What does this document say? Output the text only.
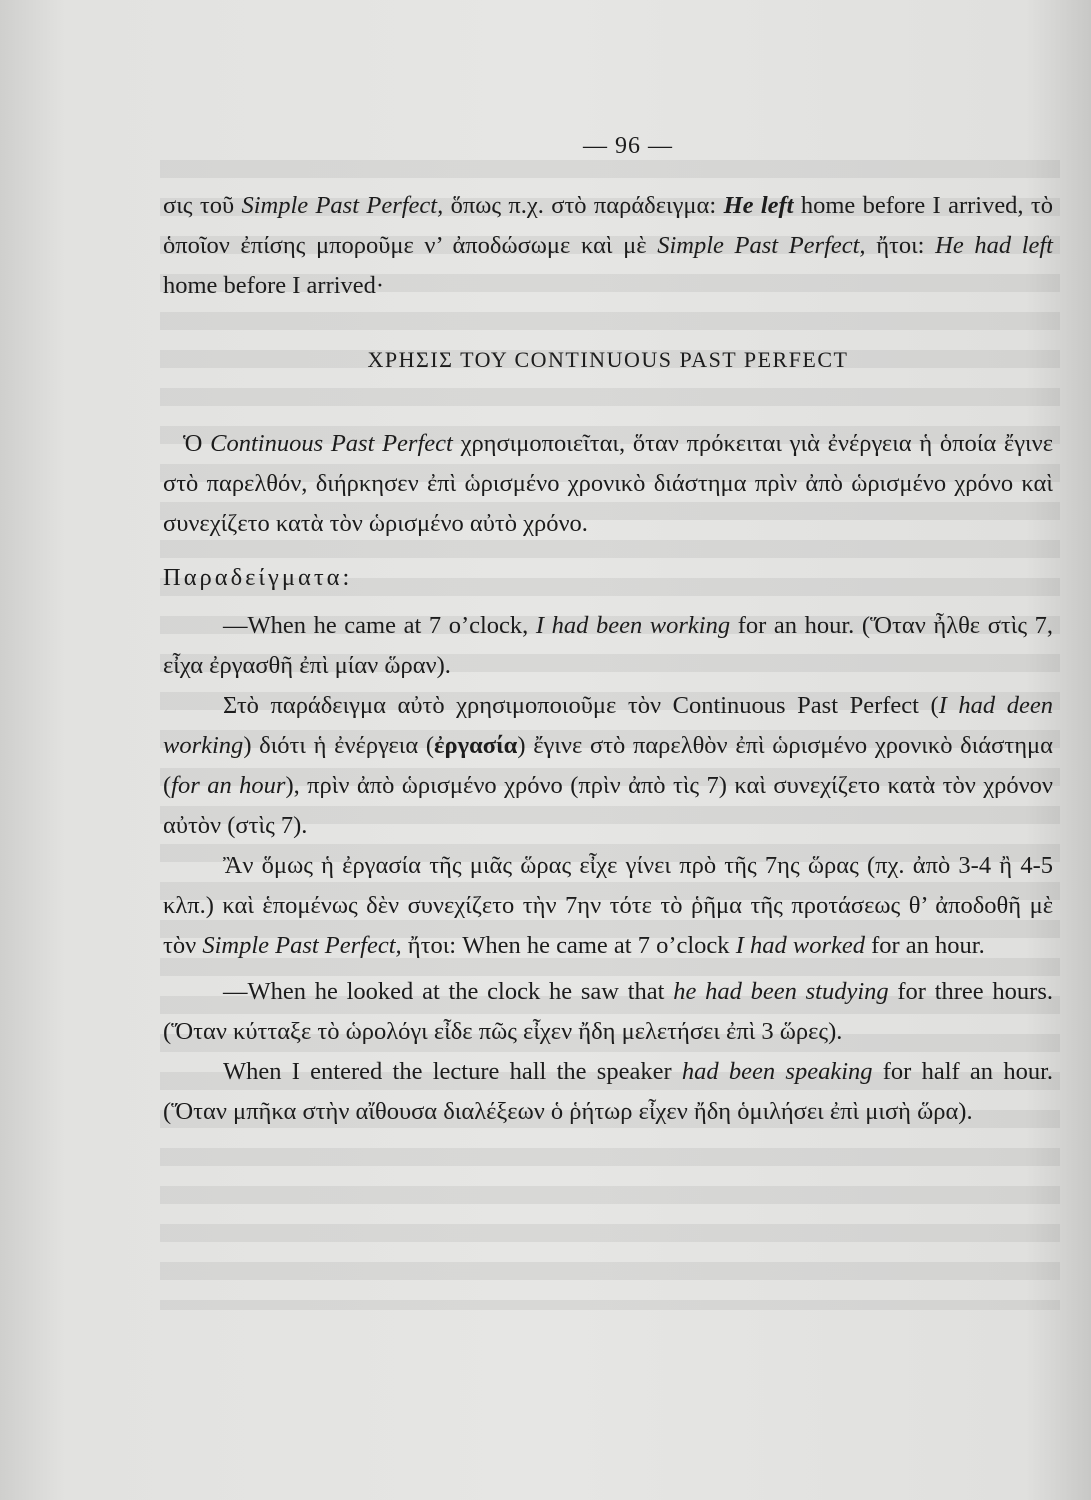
— 96 —

σις τοῦ Simple Past Perfect, ὅπως π.χ. στὸ παράδειγμα: He left home before I arrived, τὸ ὁποῖον ἐπίσης μποροῦμε ν’ ἀποδώσωμε καὶ μὲ Simple Past Perfect, ἤτοι: He had left home before I arrived·

ΧΡΗΣΙΣ ΤΟΥ CONTINUOUS PAST PERFECT

Ὁ Continuous Past Perfect χρησιμοποιεῖται, ὅταν πρόκειται γιὰ ἐνέργεια ἡ ὁποία ἔγινε στὸ παρελθόν, διήρκησεν ἐπὶ ὡρισμένο χρονικὸ διάστημα πρὶν ἀπὸ ὡρισμένο χρόνο καὶ συνεχίζετο κατὰ τὸν ὡρισμένο αὐτὸ χρόνο.

Παραδείγματα:

—When he came at 7 o’clock, I had been working for an hour. (Ὅταν ἦλθε στὶς 7, εἶχα ἐργασθῆ ἐπὶ μίαν ὥραν).

Στὸ παράδειγμα αὐτὸ χρησιμοποιοῦμε τὸν Continuous Past Perfect (I had deen working) διότι ἡ ἐνέργεια (ἐργασία) ἔγινε στὸ παρελθὸν ἐπὶ ὡρισμένο χρονικὸ διάστημα (for an hour), πρὶν ἀπὸ ὡρισμένο χρόνο (πρὶν ἀπὸ τὶς 7) καὶ συνεχίζετο κατὰ τὸν χρόνον αὐτὸν (στὶς 7).

Ἂν ὅμως ἡ ἐργασία τῆς μιᾶς ὥρας εἶχε γίνει πρὸ τῆς 7ης ὥρας (πχ. ἀπὸ 3-4 ἢ 4-5 κλπ.) καὶ ἑπομένως δὲν συνεχίζετο τὴν 7ην τότε τὸ ῥῆμα τῆς προτάσεως θ’ ἀποδοθῆ μὲ τὸν Simple Past Perfect, ἤτοι: When he came at 7 o’clock I had worked for an hour.

—When he looked at the clock he saw that he had been studying for three hours. (Ὅταν κύτταξε τὸ ὡρολόγι εἶδε πῶς εἶχεν ἤδη μελετήσει ἐπὶ 3 ὥρες).

When I entered the lecture hall the speaker had been speaking for half an hour. (Ὅταν μπῆκα στὴν αἴθουσα διαλέξεων ὁ ῥήτωρ εἶχεν ἤδη ὁμιλήσει ἐπὶ μισὴ ὥρα).
